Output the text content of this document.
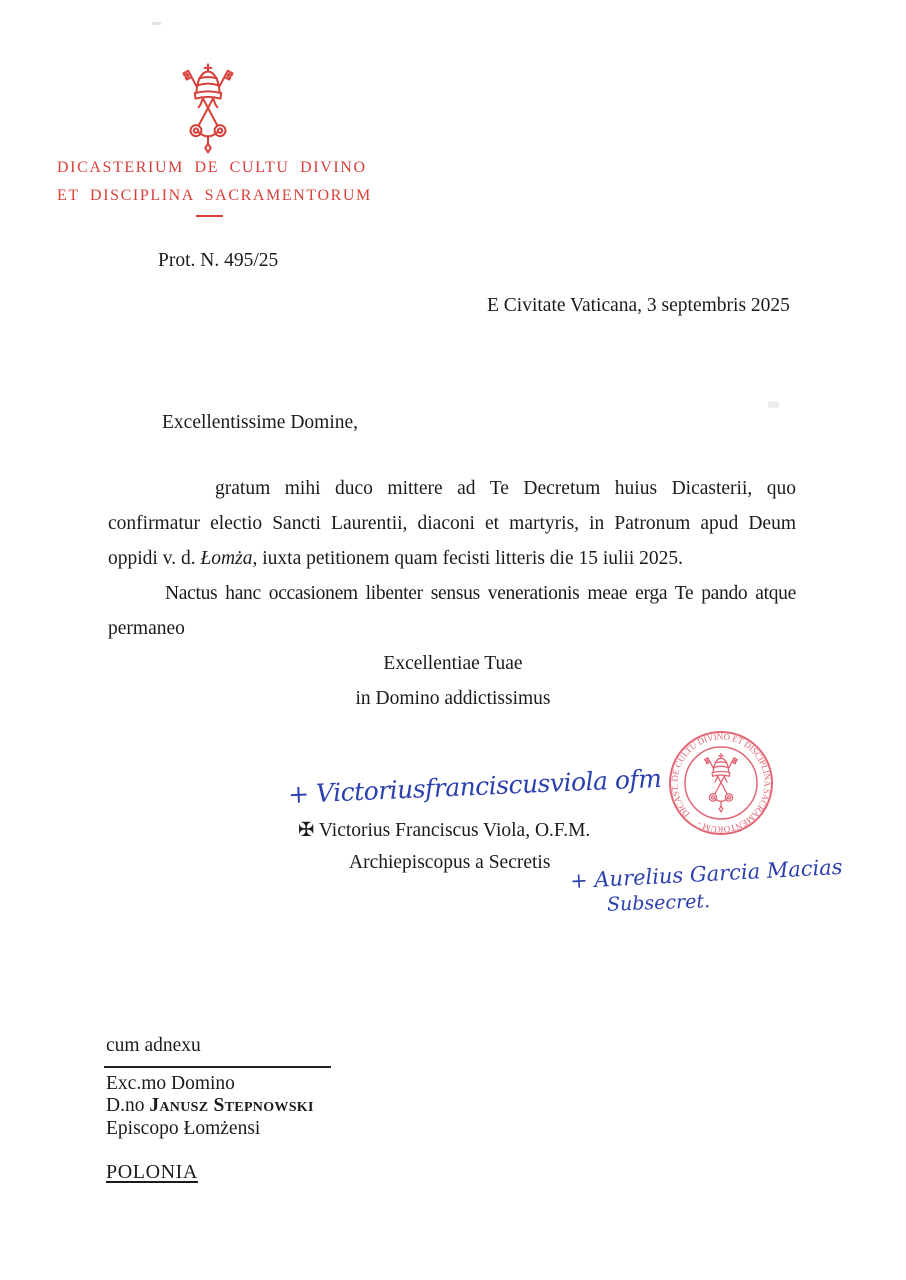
DICASTERIUM DE CULTU DIVINO
ET DISCIPLINA SACRAMENTORUM
Prot. N. 495/25
E Civitate Vaticana, 3 septembris 2025
Excellentissime Domine,
gratum mihi duco mittere ad Te Decretum huius Dicasterii, quo
confirmatur electio Sancti Laurentii, diaconi et martyris, in Patronum apud Deum
oppidi v. d. Łomża, iuxta petitionem quam fecisti litteris die 15 iulii 2025.
Nactus hanc occasionem libenter sensus venerationis meae erga Te pando atque
permaneo
Excellentiae Tuae
in Domino addictissimus
+ Victoriusfranciscusviola ofm
✠ Victorius Franciscus Viola, O.F.M.
Archiepiscopus a Secretis
DICAST. DE CULTU DIVINO ET DISCIPLINA SACRAMENTORUM -
+ Aurelius Garcia Macias
Subsecret.
cum adnexu
Exc.mo Domino
D.no Janusz Stepnowski
Episcopo Łomżensi
POLONIA
